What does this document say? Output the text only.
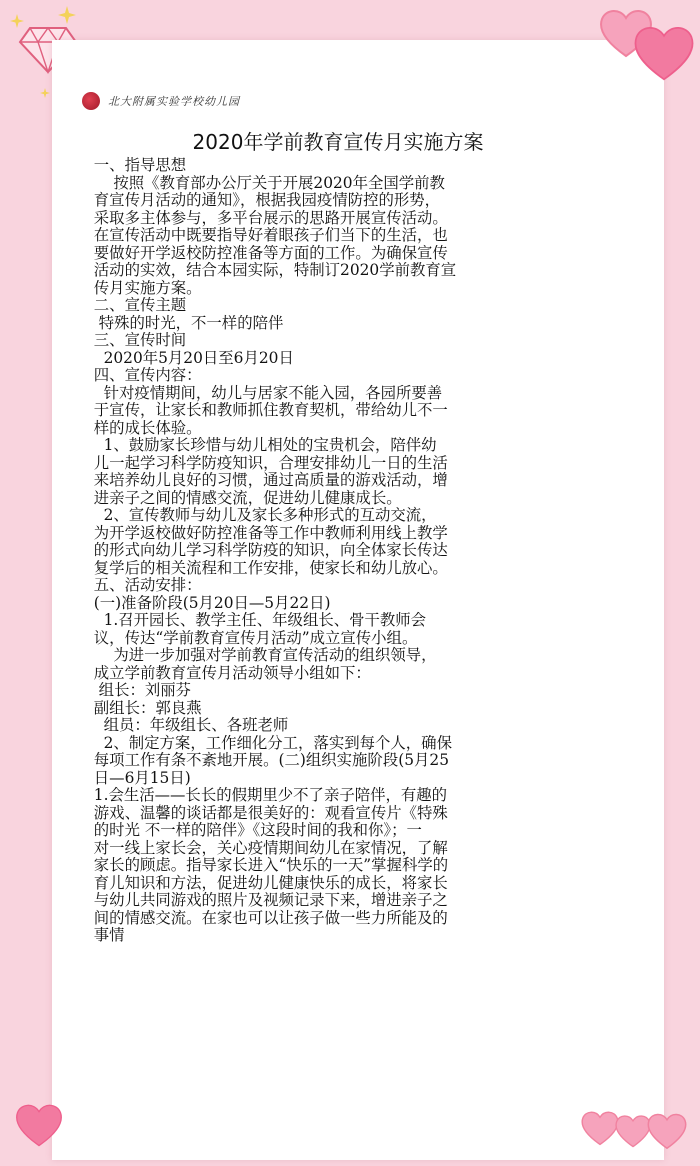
北大附属实验学校幼儿园
2020年学前教育宣传月实施方案
一、指导思想
按照《教育部办公厅关于开展2020年全国学前教
育宣传月活动的通知》，根据我园疫情防控的形势，
采取多主体参与，多平台展示的思路开展宣传活动。
在宣传活动中既要指导好着眼孩子们当下的生活，也
要做好开学返校防控准备等方面的工作。为确保宣传
活动的实效，结合本园实际，特制订2020学前教育宣
传月实施方案。
二、宣传主题
特殊的时光，不一样的陪伴
三、宣传时间
2020年5月20日至6月20日
四、宣传内容：
针对疫情期间，幼儿与居家不能入园，各园所要善
于宣传，让家长和教师抓住教育契机，带给幼儿不一
样的成长体验。
1、鼓励家长珍惜与幼儿相处的宝贵机会，陪伴幼
儿一起学习科学防疫知识，合理安排幼儿一日的生活
来培养幼儿良好的习惯，通过高质量的游戏活动，增
进亲子之间的情感交流，促进幼儿健康成长。
2、宣传教师与幼儿及家长多种形式的互动交流，
为开学返校做好防控准备等工作中教师利用线上教学
的形式向幼儿学习科学防疫的知识，向全体家长传达
复学后的相关流程和工作安排，使家长和幼儿放心。
五、活动安排：
(一)准备阶段(5月20日—5月22日)
1.召开园长、教学主任、年级组长、骨干教师会
议，传达“学前教育宣传月活动”成立宣传小组。
为进一步加强对学前教育宣传活动的组织领导，
成立学前教育宣传月活动领导小组如下：
组长：刘丽芬
副组长：郭良燕
组员：年级组长、各班老师
2、制定方案，工作细化分工，落实到每个人，确保
每项工作有条不紊地开展。(二)组织实施阶段(5月25
日—6月15日)
1.会生活——长长的假期里少不了亲子陪伴，有趣的
游戏、温馨的谈话都是很美好的：观看宣传片《特殊
的时光 不一样的陪伴》《这段时间的我和你》；一
对一线上家长会，关心疫情期间幼儿在家情况，了解
家长的顾虑。指导家长进入“快乐的一天”掌握科学的
育儿知识和方法，促进幼儿健康快乐的成长，将家长
与幼儿共同游戏的照片及视频记录下来，增进亲子之
间的情感交流。在家也可以让孩子做一些力所能及的
事情
